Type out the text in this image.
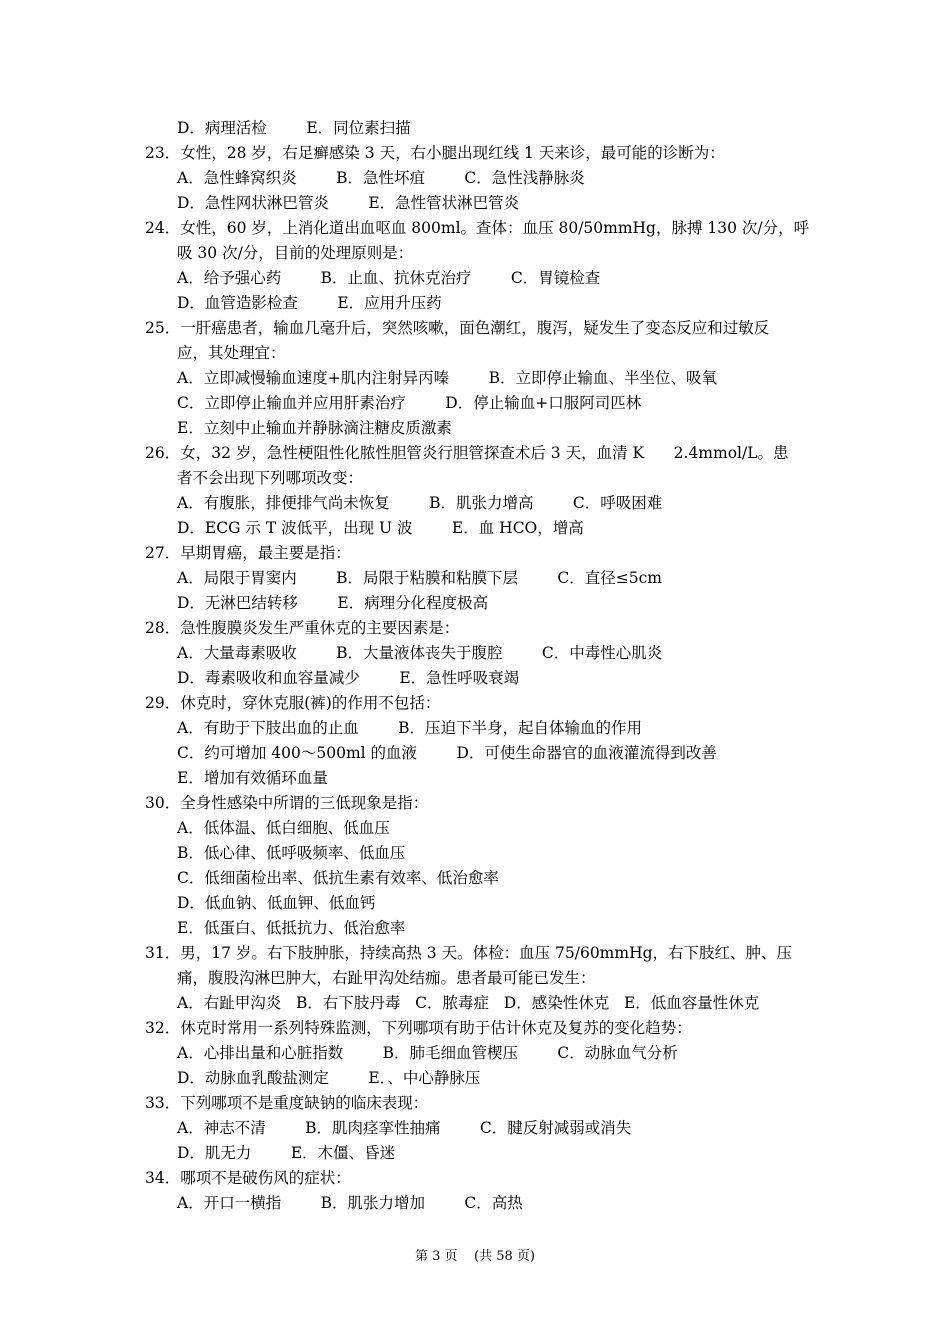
D．病理活检        E．同位素扫描
23．女性，28 岁，右足癣感染 3 天，右小腿出现红线 1 天来诊，最可能的诊断为：
A．急性蜂窝织炎        B．急性坏疽        C．急性浅静脉炎
D．急性网状淋巴管炎        E．急性管状淋巴管炎
24．女性，60 岁，上消化道出血呕血 800ml。查体：血压 80/50mmHg，脉搏 130 次/分，呼
吸 30 次/分，目前的处理原则是：
A．给予强心药        B．止血、抗休克治疗        C．胃镜检查
D．血管造影检查        E．应用升压药
25．一肝癌患者，输血几毫升后，突然咳嗽，面色潮红，腹泻，疑发生了变态反应和过敏反
应，其处理宜：
A．立即减慢输血速度+肌内注射异丙嗪        B．立即停止输血、半坐位、吸氧
C．立即停止输血并应用肝素治疗        D．停止输血+口服阿司匹林
E．立刻中止输血并静脉滴注糖皮质激素
26．女，32 岁，急性梗阻性化脓性胆管炎行胆管探查术后 3 天，血清 K      2.4mmol/L。患
者不会出现下列哪项改变：
A．有腹胀，排便排气尚未恢复        B．肌张力增高        C．呼吸困难
D．ECG 示 T 波低平，出现 U 波        E．血 HCO，增高
27．早期胃癌，最主要是指：
A．局限于胃窦内        B．局限于粘膜和粘膜下层        C．直径≤5cm
D．无淋巴结转移        E．病理分化程度极高
28．急性腹膜炎发生严重休克的主要因素是：
A．大量毒素吸收        B．大量液体丧失于腹腔        C．中毒性心肌炎
D．毒素吸收和血容量减少        E．急性呼吸衰竭
29．休克时，穿休克服(裤)的作用不包括：
A．有助于下肢出血的止血        B．压迫下半身，起自体输血的作用
C．约可增加 400～500ml 的血液        D．可使生命器官的血液灌流得到改善
E．增加有效循环血量
30．全身性感染中所谓的三低现象是指：
A．低体温、低白细胞、低血压
B．低心律、低呼吸频率、低血压
C．低细菌检出率、低抗生素有效率、低治愈率
D．低血钠、低血钾、低血钙
E．低蛋白、低抵抗力、低治愈率
31．男，17 岁。右下肢肿胀，持续高热 3 天。体检：血压 75/60mmHg，右下肢红、肿、压
痛，腹股沟淋巴肿大，右趾甲沟处结痂。患者最可能已发生：
A．右趾甲沟炎   B．右下肢丹毒   C．脓毒症   D．感染性休克   E．低血容量性休克
32．休克时常用一系列特殊监测，下列哪项有助于估计休克及复苏的变化趋势：
A．心排出量和心脏指数        B．肺毛细血管楔压        C．动脉血气分析
D．动脉血乳酸盐测定        E．、中心静脉压
33．下列哪项不是重度缺钠的临床表现：
A．神志不清        B．肌肉痉挛性抽痛        C．腱反射减弱或消失
D．肌无力        E．木僵、昏迷
34．哪项不是破伤风的症状：
A．开口一横指        B．肌张力增加        C．高热
第 3 页    (共 58 页)
